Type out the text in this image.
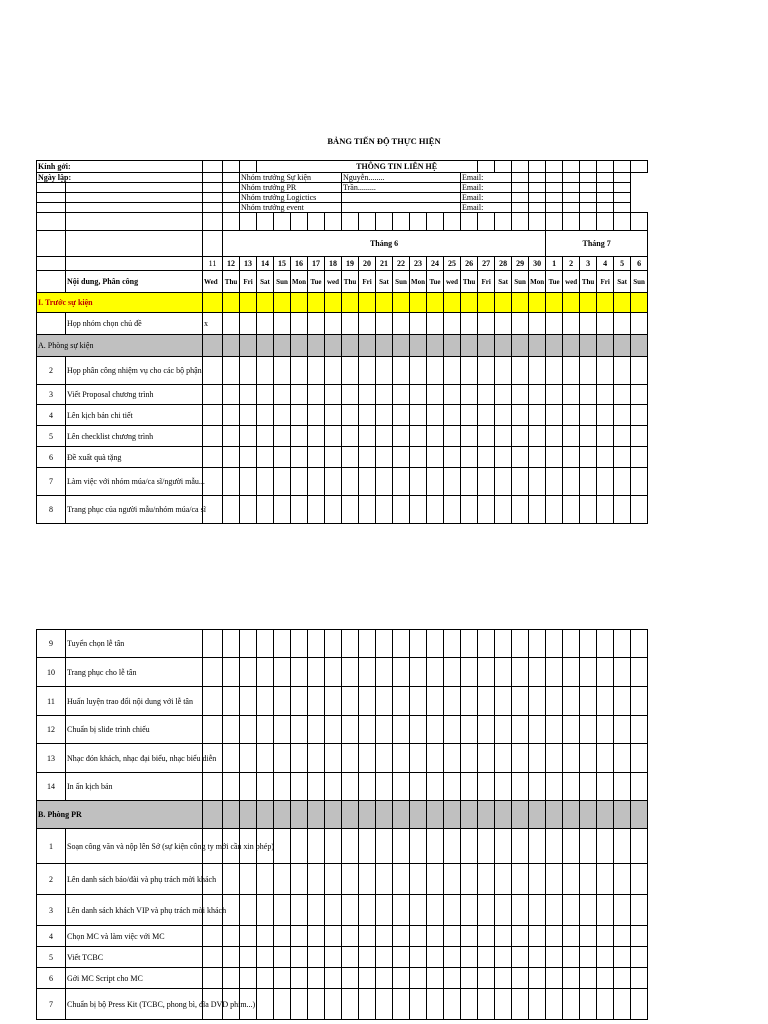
BẢNG TIẾN ĐỘ THỰC HIỆN
Kính gởi:					THÔNG TIN LIÊN HỆ																						
Ngày lập:				Nhóm trưởng Sự kiện						Nguyễn........							Email:										
				Nhóm trưởng PR						Trần.........							Email:										
				Nhóm trưởng Logictics													Email:										
				Nhóm trưởng event													Email:										

			Tháng 6																			Tháng 7					
		11	12	13	14	15	16	17	18	19	20	21	22	23	24	25	26	27	28	29	30	1	2	3	4	5	6
	Nội dung, Phân công	Wed	Thu	Fri	Sat	Sun	Mon	Tue	wed	Thu	Fri	Sat	Sun	Mon	Tue	wed	Thu	Fri	Sat	Sun	Mon	Tue	wed	Thu	Fri	Sat	Sun
I. Trước sự kiện																											
	Họp nhóm chọn chủ đề	x																									
A. Phòng sự kiện																											
2	Họp phân công nhiệm vụ cho các bộ phận																										
3	Viết Proposal chương trình																										
4	Lên kịch bản chi tiết																										
5	Lên checklist chương trình																										
6	Đề xuất quà tặng																										
7	Làm việc với nhóm múa/ca sĩ/người mẫu...																										
8	Trang phục của người mẫu/nhóm múa/ca sĩ																										
9	Tuyển chọn lễ tân																										
10	Trang phục cho lễ tân																										
11	Huấn luyện trao đổi nội dung với lễ tân																										
12	Chuẩn bị slide trình chiếu																										
13	Nhạc đón khách, nhạc đại biểu, nhạc biểu diễn																										
14	In ấn kịch bản																										
B. Phòng PR																											
1	Soạn công văn và nộp lên Sở (sự kiện công ty mới cần xin phép)																										
2	Lên danh sách báo/đài và phụ trách mời khách																										
3	Lên danh sách khách VIP và phụ trách mời khách																										
4	Chọn MC và làm việc với MC																										
5	Viết TCBC																										
6	Gởi MC Script cho MC																										
7	Chuẩn bị bộ Press Kit (TCBC, phong bì, đĩa DVD phim...)																										
